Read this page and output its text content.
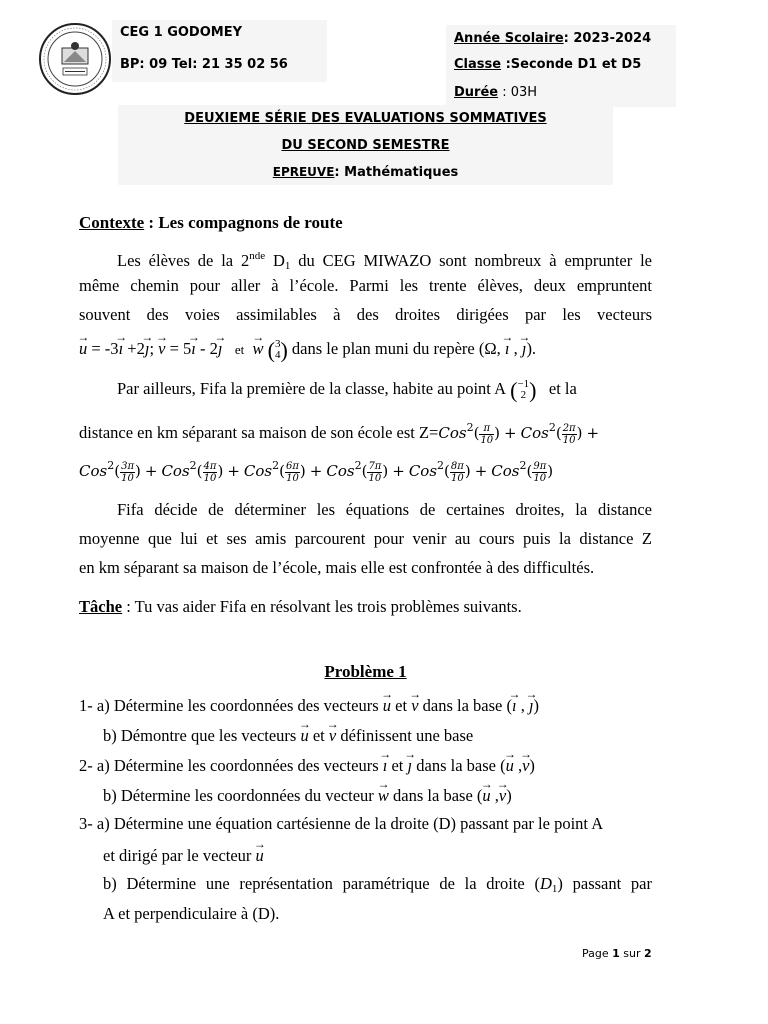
CEG 1 GODOMEY
BP: 09 Tel: 21 35 02 56
Année Scolaire: 2023-2024
Classe :Seconde D1 et D5
Durée : 03H
DEUXIEME SÉRIE DES EVALUATIONS SOMMATIVES
DU SECOND SEMESTRE
EPREUVE: Mathématiques
Contexte : Les compagnons de route
Les élèves de la 2nde $D_1$ du CEG MIWAZO sont nombreux à emprunter le
même chemin pour aller à l’école. Parmi les trente élèves, deux empruntent
souvent des voies assimilables à des droites dirigées par les vecteurs
→ u = -3→ ı +2→ ȷ; → v = 5→ ı - 2→ ȷ et  → w ( 3
4 ) dans le plan muni du repère (Ω, → ı , → ȷ).
Par ailleurs, Fifa la première de la classe, habite au point A ( −1
2 ) et la
distance en km séparant sa maison de son école est $Z=Cos^2( \frac{\pi}{10}$ ) + $Cos^2( \frac{2\pi}{10}$ ) +
$Cos^2( \frac{3\pi}{10}$ ) + $Cos^2( \frac{4\pi}{10}$ ) + $Cos^2( \frac{6\pi}{10}$ ) + $Cos^2( \frac{7\pi}{10}$ ) + $Cos^2( \frac{8\pi}{10}$ ) + $Cos^2( \frac{9\pi}{10}$ )
Fifa décide de déterminer les équations de certaines droites, la distance
moyenne que lui et ses amis parcourent pour venir au cours puis la distance Z
en km séparant sa maison de l’école, mais elle est confrontée à des difficultés.
Tâche : Tu vas aider Fifa en résolvant les trois problèmes suivants.
Problème 1
1- a) Détermine les coordonnées des vecteurs → u et → v dans la base (→ ı , → ȷ)
b) Démontre que les vecteurs → u et → v définissent une base
2- a) Détermine les coordonnées des vecteurs → ı et → ȷ dans la base (→ u ,→ v)
b) Détermine les coordonnées du vecteur → w dans la base (→ u ,→ v)
3- a) Détermine une équation cartésienne de la droite (D) passant par le point A
et dirigé par le vecteur → u
b) Détermine une représentation paramétrique de la droite $(D_1)$ passant par
A et perpendiculaire à (D).
Page 1 sur 2
